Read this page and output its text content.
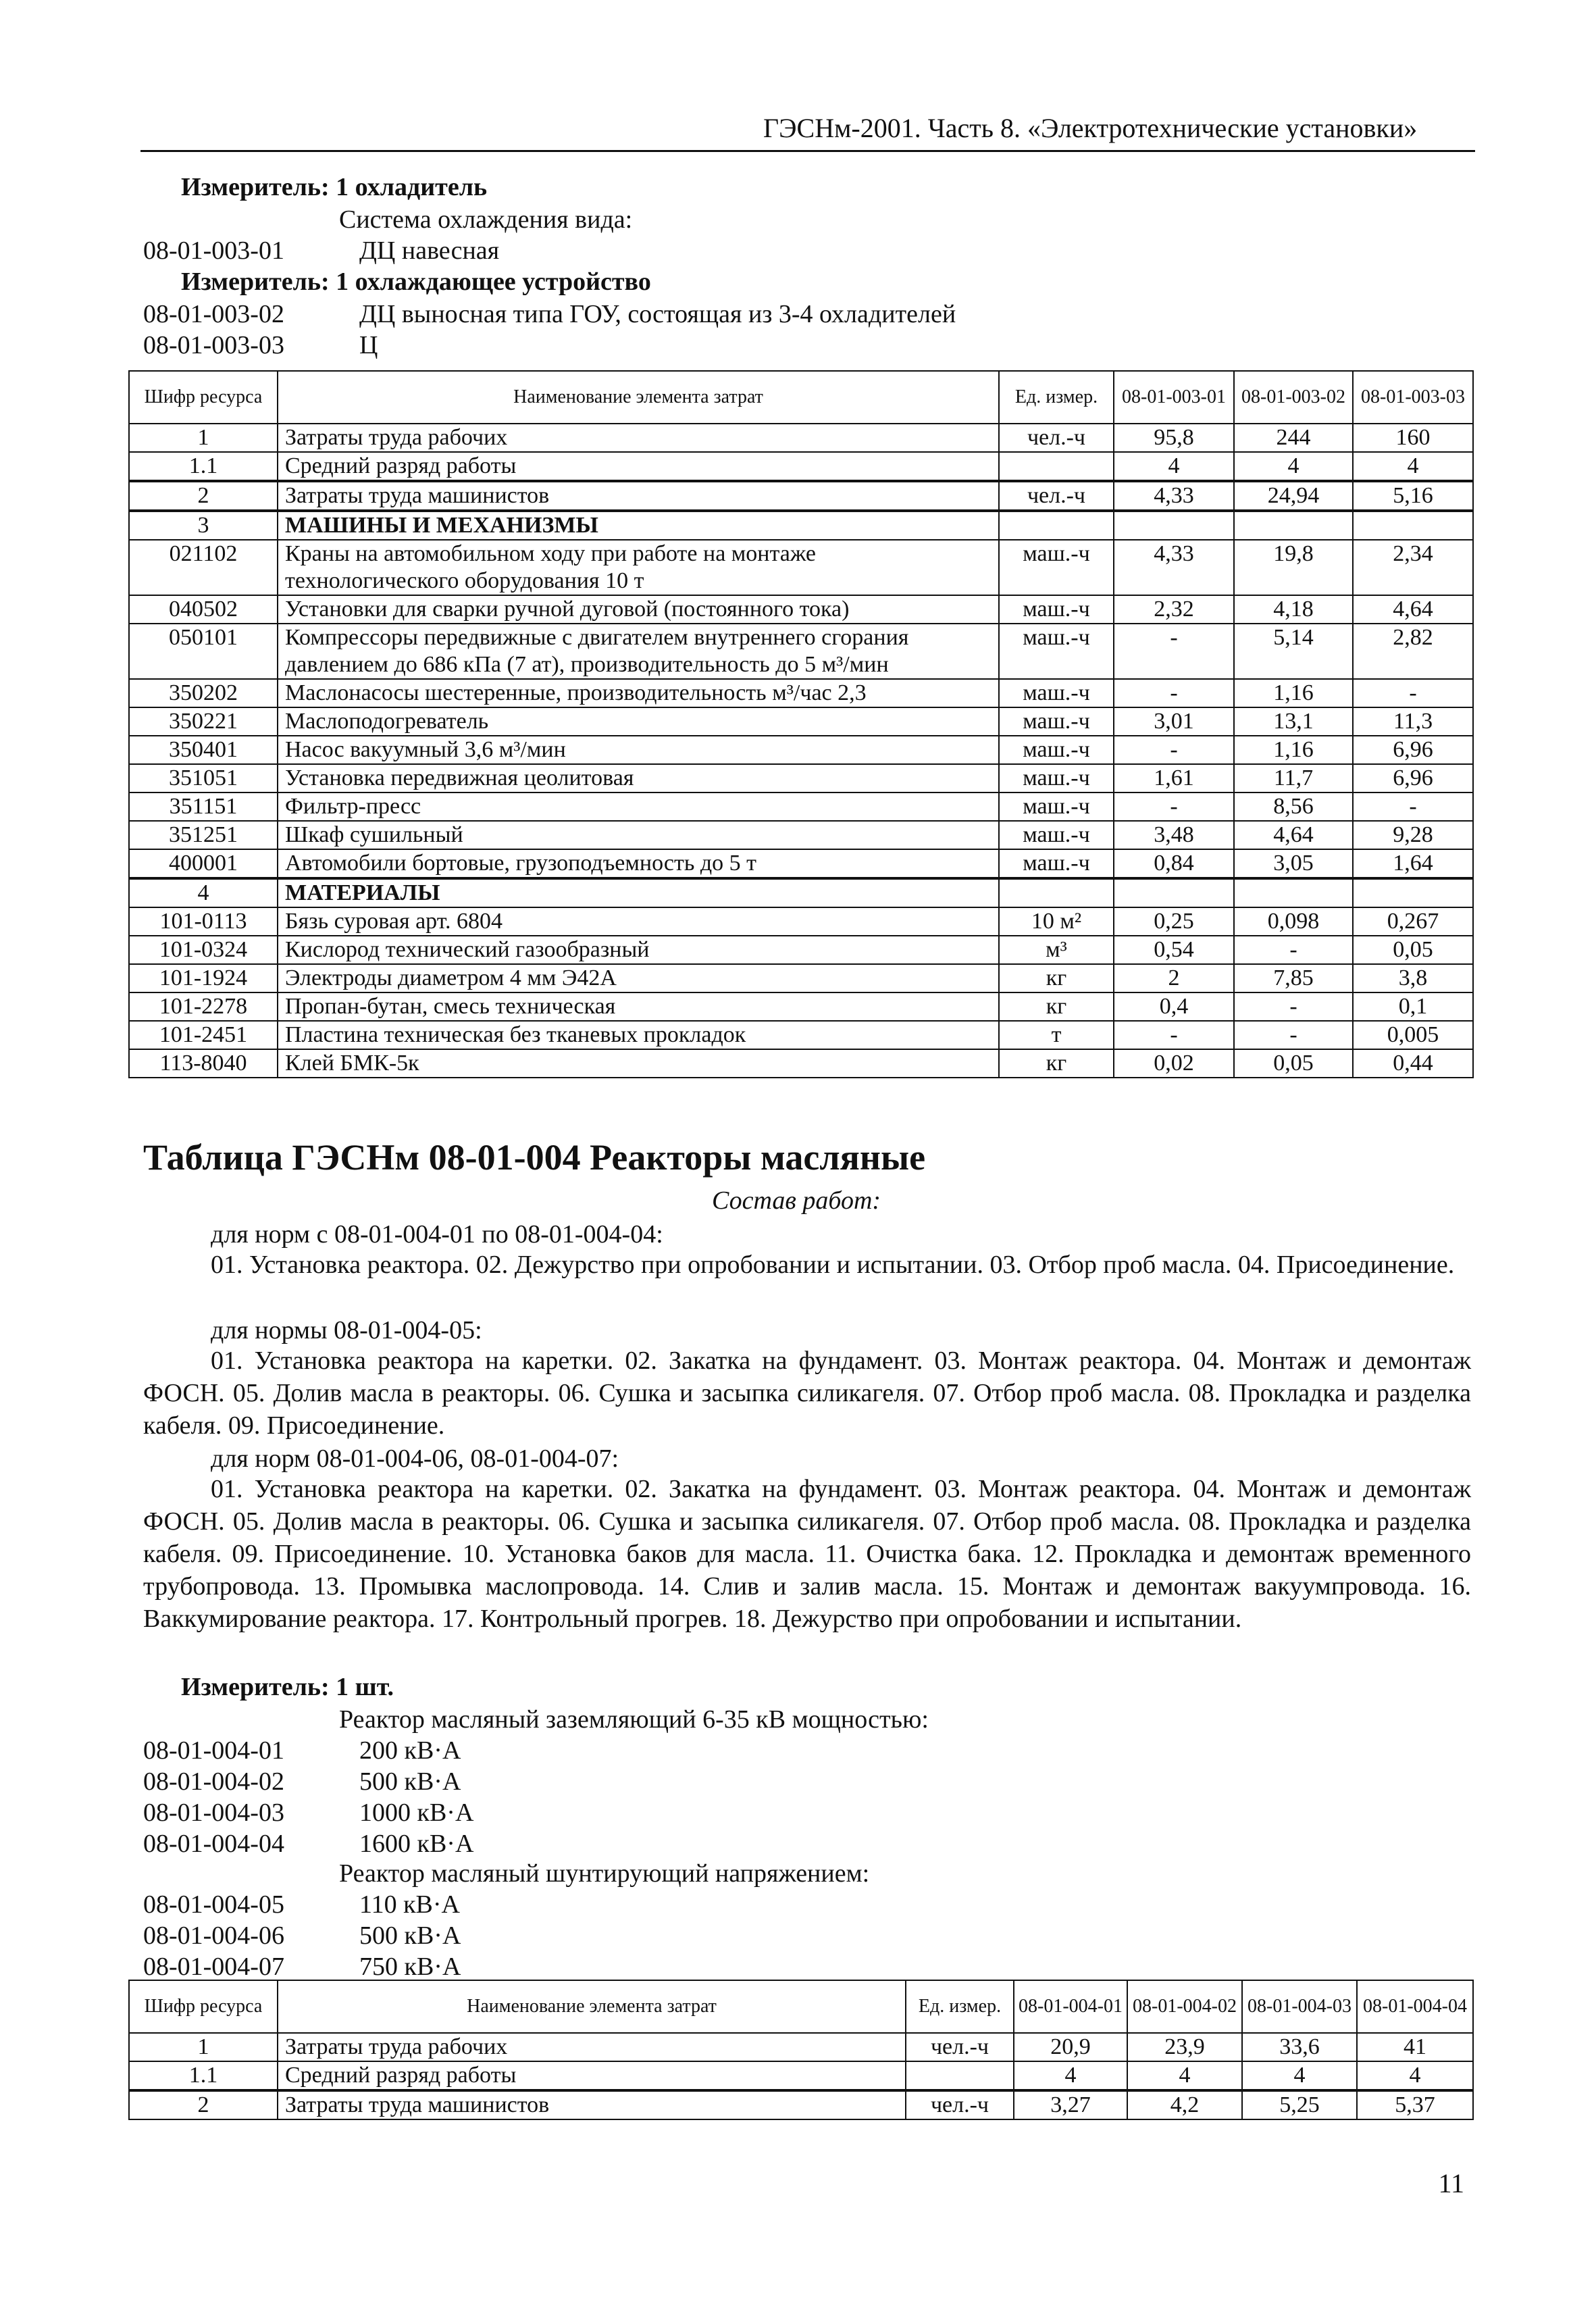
ГЭСНм-2001. Часть 8. «Электротехнические установки»
Измеритель: 1 охладитель
Система охлаждения вида:
08-01-003-01	ДЦ навесная
Измеритель: 1 охлаждающее устройство
08-01-003-02	ДЦ выносная типа ГОУ, состоящая из 3-4 охладителей
08-01-003-03	Ц
Шифр ресурса	Наименование элемента затрат	Ед. измер.	08-01-003-01	08-01-003-02	08-01-003-03
1	Затраты труда рабочих	чел.-ч	95,8	244	160
1.1	Средний разряд работы		4	4	4
2	Затраты труда машинистов	чел.-ч	4,33	24,94	5,16
3	МАШИНЫ И МЕХАНИЗМЫ				
021102	Краны на автомобильном ходу при работе на монтаже технологического оборудования 10 т	маш.-ч	4,33	19,8	2,34
040502	Установки для сварки ручной дуговой (постоянного тока)	маш.-ч	2,32	4,18	4,64
050101	Компрессоры передвижные с двигателем внутреннего сгорания давлением до 686 кПа (7 ат), производительность до 5 м³/мин	маш.-ч	-	5,14	2,82
350202	Маслонасосы шестеренные, производительность м³/час 2,3	маш.-ч	-	1,16	-
350221	Маслоподогреватель	маш.-ч	3,01	13,1	11,3
350401	Насос вакуумный 3,6 м³/мин	маш.-ч	-	1,16	6,96
351051	Установка передвижная цеолитовая	маш.-ч	1,61	11,7	6,96
351151	Фильтр-пресс	маш.-ч	-	8,56	-
351251	Шкаф сушильный	маш.-ч	3,48	4,64	9,28
400001	Автомобили бортовые, грузоподъемность до 5 т	маш.-ч	0,84	3,05	1,64
4	МАТЕРИАЛЫ				
101-0113	Бязь суровая арт. 6804	10 м²	0,25	0,098	0,267
101-0324	Кислород технический газообразный	м³	0,54	-	0,05
101-1924	Электроды диаметром 4 мм Э42А	кг	2	7,85	3,8
101-2278	Пропан-бутан, смесь техническая	кг	0,4	-	0,1
101-2451	Пластина техническая без тканевых прокладок	т	-	-	0,005
113-8040	Клей БМК-5к	кг	0,02	0,05	0,44
Таблица ГЭСНм 08-01-004 Реакторы масляные
Состав работ:
для норм с 08-01-004-01 по 08-01-004-04:
01. Установка реактора. 02. Дежурство при опробовании и испытании. 03. Отбор проб масла. 04. Присоединение.
для нормы 08-01-004-05:
01. Установка реактора на каретки. 02. Закатка на фундамент. 03. Монтаж реактора. 04. Монтаж и демонтаж ФОСН. 05. Долив масла в реакторы. 06. Сушка и засыпка силикагеля. 07. Отбор проб масла. 08. Прокладка и разделка кабеля. 09. Присоединение.
для норм 08-01-004-06, 08-01-004-07:
01. Установка реактора на каретки. 02. Закатка на фундамент. 03. Монтаж реактора. 04. Монтаж и демонтаж ФОСН. 05. Долив масла в реакторы. 06. Сушка и засыпка силикагеля. 07. Отбор проб масла. 08. Прокладка и разделка кабеля. 09. Присоединение. 10. Установка баков для масла. 11. Очистка бака. 12. Прокладка и демонтаж временного трубопровода. 13. Промывка маслопровода. 14. Слив и залив масла. 15. Монтаж и демонтаж вакуумпровода. 16. Ваккумирование реактора. 17. Контрольный прогрев. 18. Дежурство при опробовании и испытании.
Измеритель: 1 шт.
Реактор масляный заземляющий 6-35 кВ мощностью:
08-01-004-01	200 кВ·А
08-01-004-02	500 кВ·А
08-01-004-03	1000 кВ·А
08-01-004-04	1600 кВ·А
Реактор масляный шунтирующий напряжением:
08-01-004-05	110 кВ·А
08-01-004-06	500 кВ·А
08-01-004-07	750 кВ·А
Шифр ресурса	Наименование элемента затрат	Ед. измер.	08-01-004-01	08-01-004-02	08-01-004-03	08-01-004-04
1	Затраты труда рабочих	чел.-ч	20,9	23,9	33,6	41
1.1	Средний разряд работы		4	4	4	4
2	Затраты труда машинистов	чел.-ч	3,27	4,2	5,25	5,37
11
